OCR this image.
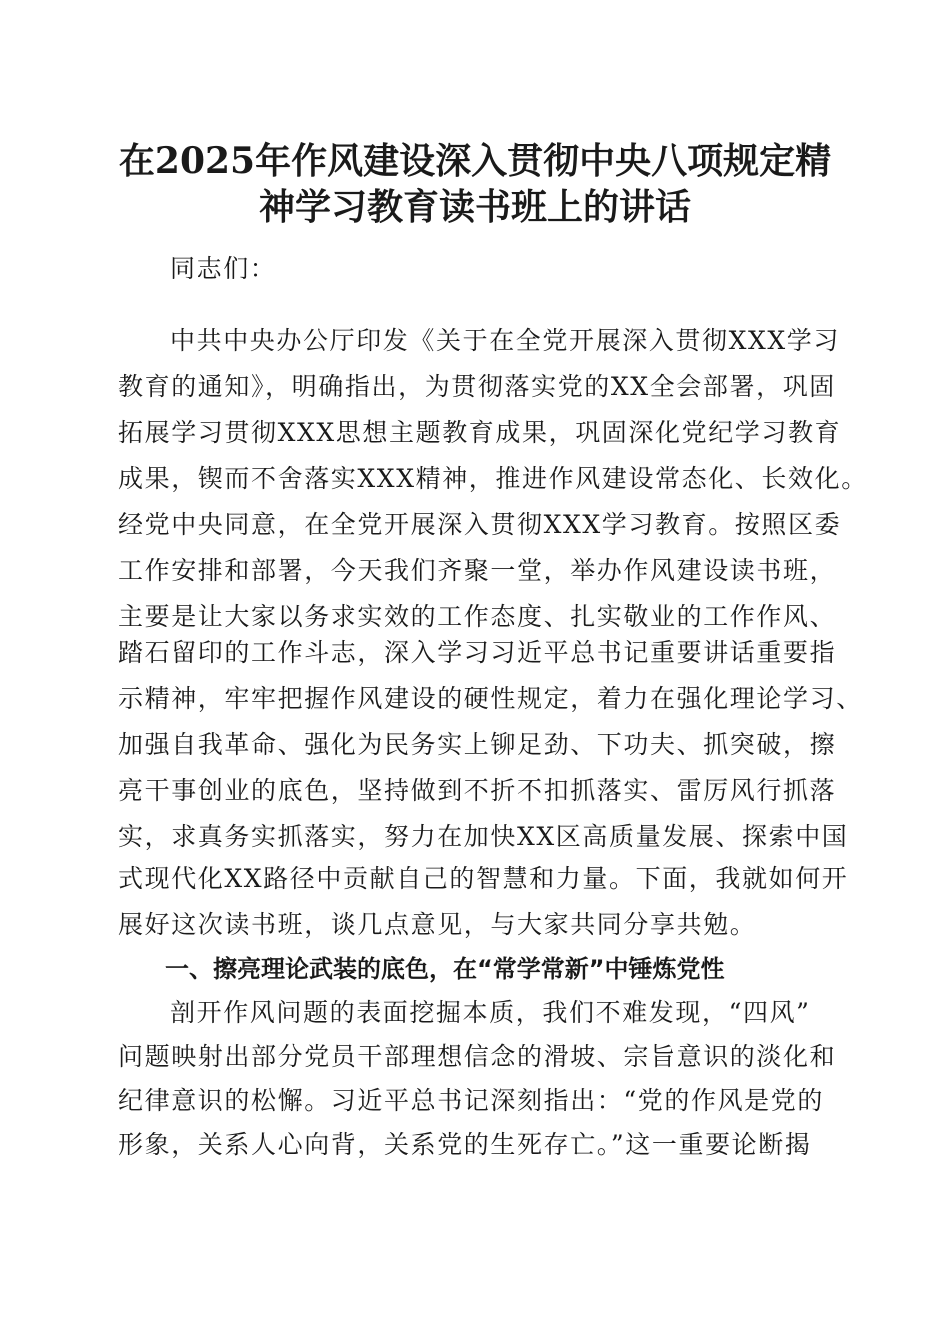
在2025年作风建设深入贯彻中央八项规定精
神学习教育读书班上的讲话
同志们：
中共中央办公厅印发《关于在全党开展深入贯彻XXX学习
教育的通知》，明确指出，为贯彻落实党的XX全会部署，巩固
拓展学习贯彻XXX思想主题教育成果，巩固深化党纪学习教育
成果，锲而不舍落实XXX精神，推进作风建设常态化、长效化。
经党中央同意，在全党开展深入贯彻XXX学习教育。按照区委
工作安排和部署，今天我们齐聚一堂，举办作风建设读书班，
主要是让大家以务求实效的工作态度、扎实敬业的工作作风、
踏石留印的工作斗志，深入学习习近平总书记重要讲话重要指
示精神，牢牢把握作风建设的硬性规定，着力在强化理论学习、
加强自我革命、强化为民务实上铆足劲、下功夫、抓突破，擦
亮干事创业的底色，坚持做到不折不扣抓落实、雷厉风行抓落
实，求真务实抓落实，努力在加快XX区高质量发展、探索中国
式现代化XX路径中贡献自己的智慧和力量。下面，我就如何开
展好这次读书班，谈几点意见，与大家共同分享共勉。
一、擦亮理论武装的底色，在“常学常新”中锤炼党性
剖开作风问题的表面挖掘本质，我们不难发现，“四风”
问题映射出部分党员干部理想信念的滑坡、宗旨意识的淡化和
纪律意识的松懈。习近平总书记深刻指出：“党的作风是党的
形象，关系人心向背，关系党的生死存亡。”这一重要论断揭
